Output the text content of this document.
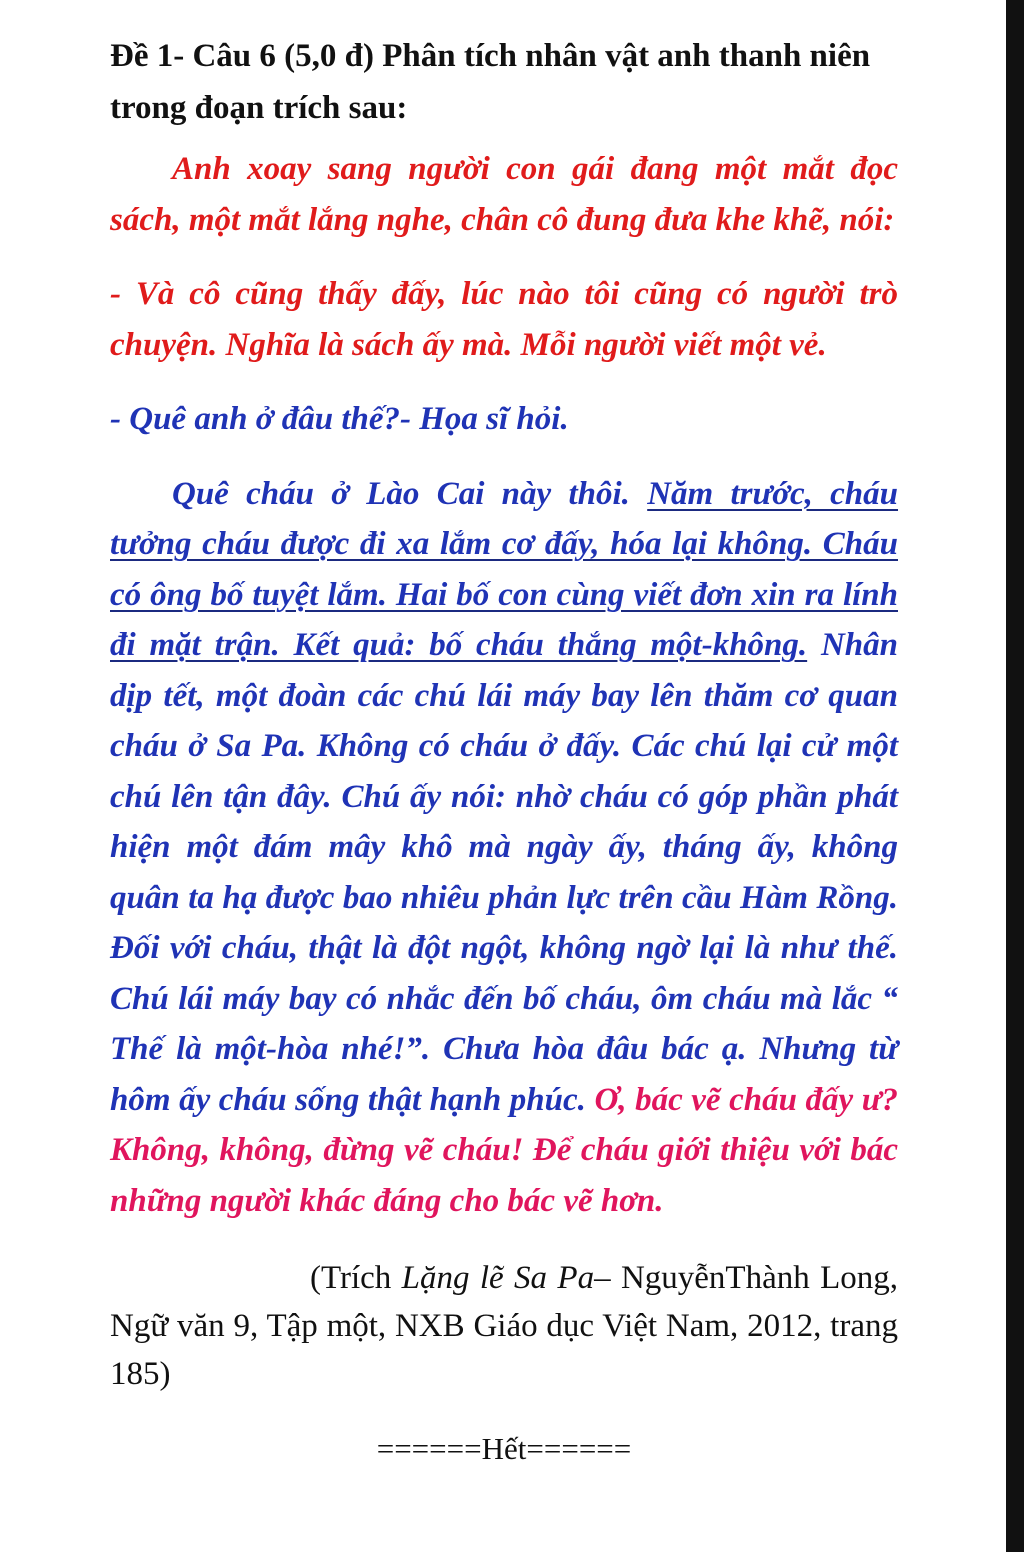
Đề 1- Câu 6 (5,0 đ) Phân tích nhân vật anh thanh niên trong đoạn trích sau:

Anh xoay sang người con gái đang một mắt đọc sách, một mắt lắng nghe, chân cô đung đưa khe khẽ, nói:

- Và cô cũng thấy đấy, lúc nào tôi cũng có người trò chuyện. Nghĩa là sách ấy mà. Mỗi người viết một vẻ.

- Quê anh ở đâu thế?- Họa sĩ hỏi.

Quê cháu ở Lào Cai này thôi. Năm trước, cháu tưởng cháu được đi xa lắm cơ đấy, hóa lại không. Cháu có ông bố tuyệt lắm. Hai bố con cùng viết đơn xin ra lính đi mặt trận. Kết quả: bố cháu thắng một-không. Nhân dịp tết, một đoàn các chú lái máy bay lên thăm cơ quan cháu ở Sa Pa. Không có cháu ở đấy. Các chú lại cử một chú lên tận đây. Chú ấy nói: nhờ cháu có góp phần phát hiện một đám mây khô mà ngày ấy, tháng ấy, không quân ta hạ được bao nhiêu phản lực trên cầu Hàm Rồng. Đối với cháu, thật là đột ngột, không ngờ lại là như thế. Chú lái máy bay có nhắc đến bố cháu, ôm cháu mà lắc “ Thế là một-hòa nhé!”. Chưa hòa đâu bác ạ. Nhưng từ hôm ấy cháu sống thật hạnh phúc. Ơ, bác vẽ cháu đấy ư? Không, không, đừng vẽ cháu! Để cháu giới thiệu với bác những người khác đáng cho bác vẽ hơn.

(Trích Lặng lẽ Sa Pa– NguyễnThành Long, Ngữ văn 9, Tập một, NXB Giáo dục Việt Nam, 2012, trang 185)

======Hết======
